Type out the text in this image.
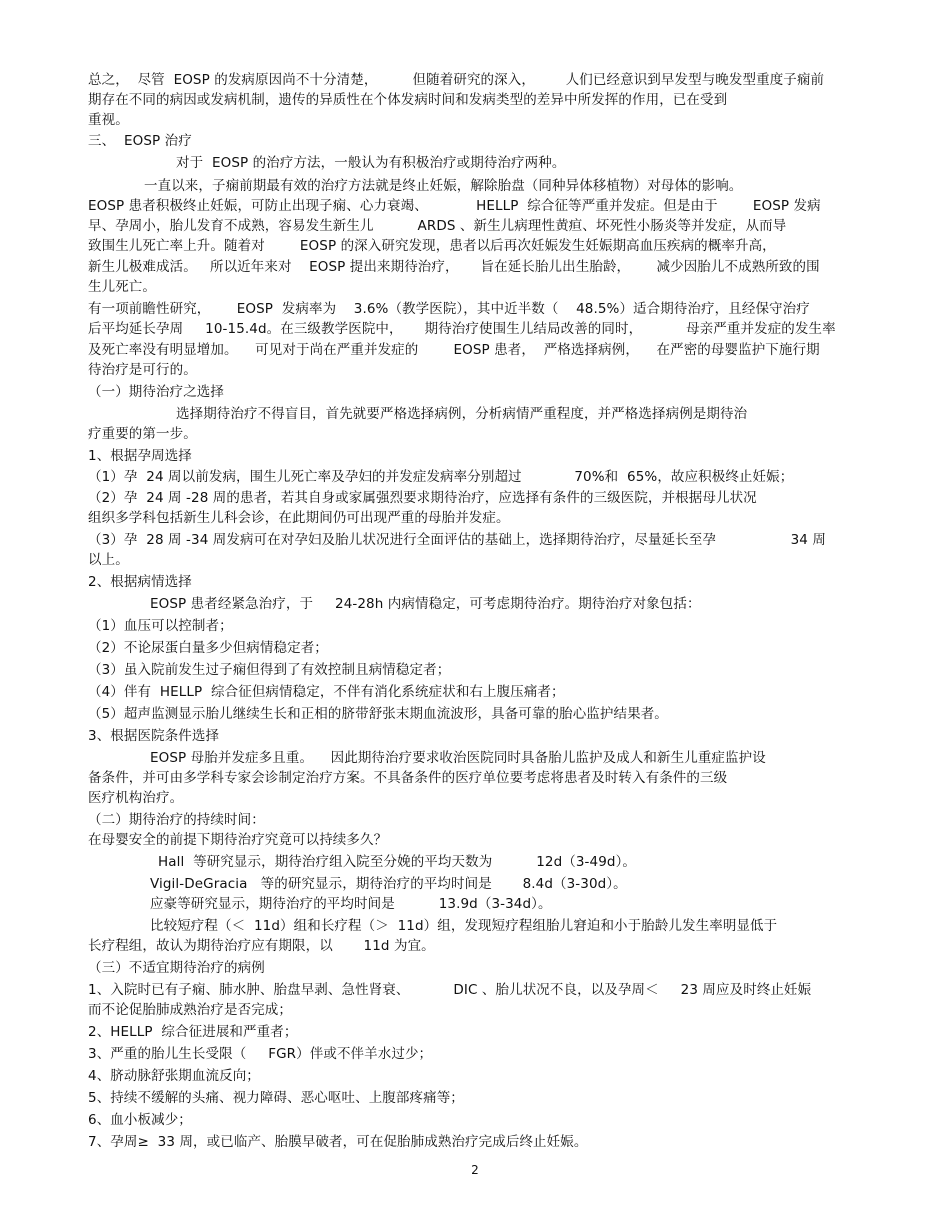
2
总之，  尽管  EOSP 的发病原因尚不十分清楚，        但随着研究的深入，       人们已经意识到早发型与晚发型重度子痫前
期存在不同的病因或发病机制，遗传的异质性在个体发病时间和发病类型的差异中所发挥的作用，已在受到
重视。
三、  EOSP 治疗
对于  EOSP 的治疗方法，一般认为有积极治疗或期待治疗两种。
一直以来，子痫前期最有效的治疗方法就是终止妊娠，解除胎盘（同种异体移植物）对母体的影响。
EOSP 患者积极终止妊娠，可防止出现子痫、心力衰竭、           HELLP  综合征等严重并发症。但是由于        EOSP 发病
早、孕周小，胎儿发育不成熟，容易发生新生儿          ARDS 、新生儿病理性黄疸、坏死性小肠炎等并发症，从而导
致围生儿死亡率上升。随着对        EOSP 的深入研究发现，患者以后再次妊娠发生妊娠期高血压疾病的概率升高，
新生儿极难成活。   所以近年来对    EOSP 提出来期待治疗，     旨在延长胎儿出生胎龄，      减少因胎儿不成熟所致的围
生儿死亡。
有一项前瞻性研究，      EOSP  发病率为    3.6%（教学医院），其中近半数（    48.5%）适合期待治疗，且经保守治疗
后平均延长孕周     10-15.4d。在三级教学医院中，     期待治疗使围生儿结局改善的同时，          母亲严重并发症的发生率
及死亡率没有明显增加。    可见对于尚在严重并发症的        EOSP 患者，  严格选择病例，    在严密的母婴监护下施行期
待治疗是可行的。
（一）期待治疗之选择
选择期待治疗不得盲目，首先就要严格选择病例，分析病情严重程度，并严格选择病例是期待治
疗重要的第一步。
1、根据孕周选择
（1）孕  24 周以前发病，围生儿死亡率及孕妇的并发症发病率分别超过            70%和  65%，故应积极终止妊娠；
（2）孕  24 周 -28 周的患者，若其自身或家属强烈要求期待治疗，应选择有条件的三级医院，并根据母儿状况
组织多学科包括新生儿科会诊，在此期间仍可出现严重的母胎并发症。
（3）孕  28 周 -34 周发病可在对孕妇及胎儿状况进行全面评估的基础上，选择期待治疗，尽量延长至孕                 34 周
以上。
2、根据病情选择
EOSP 患者经紧急治疗，于     24-28h 内病情稳定，可考虑期待治疗。期待治疗对象包括：
（1）血压可以控制者；
（2）不论尿蛋白量多少但病情稳定者；
（3）虽入院前发生过子痫但得到了有效控制且病情稳定者；
（4）伴有  HELLP  综合征但病情稳定，不伴有消化系统症状和右上腹压痛者；
（5）超声监测显示胎儿继续生长和正相的脐带舒张末期血流波形，具备可靠的胎心监护结果者。
3、根据医院条件选择
EOSP 母胎并发症多且重。    因此期待治疗要求收治医院同时具备胎儿监护及成人和新生儿重症监护设
备条件，并可由多学科专家会诊制定治疗方案。不具备条件的医疗单位要考虑将患者及时转入有条件的三级
医疗机构治疗。
（二）期待治疗的持续时间：
在母婴安全的前提下期待治疗究竟可以持续多久？
Hall  等研究显示，期待治疗组入院至分娩的平均天数为          12d（3-49d）。
Vigil-DeGracia   等的研究显示，期待治疗的平均时间是       8.4d（3-30d）。
应豪等研究显示，期待治疗的平均时间是          13.9d（3-34d）。
比较短疗程（＜  11d）组和长疗程（＞  11d）组，发现短疗程组胎儿窘迫和小于胎龄儿发生率明显低于
长疗程组，故认为期待治疗应有期限，以       11d 为宜。
（三）不适宜期待治疗的病例
1、入院时已有子痫、肺水肿、胎盘早剥、急性肾衰、          DIC 、胎儿状况不良，以及孕周＜     23 周应及时终止妊娠
而不论促胎肺成熟治疗是否完成；
2、HELLP  综合征进展和严重者；
3、严重的胎儿生长受限（     FGR）伴或不伴羊水过少；
4、脐动脉舒张期血流反向；
5、持续不缓解的头痛、视力障碍、恶心呕吐、上腹部疼痛等；
6、血小板减少；
7、孕周≥  33 周，或已临产、胎膜早破者，可在促胎肺成熟治疗完成后终止妊娠。
